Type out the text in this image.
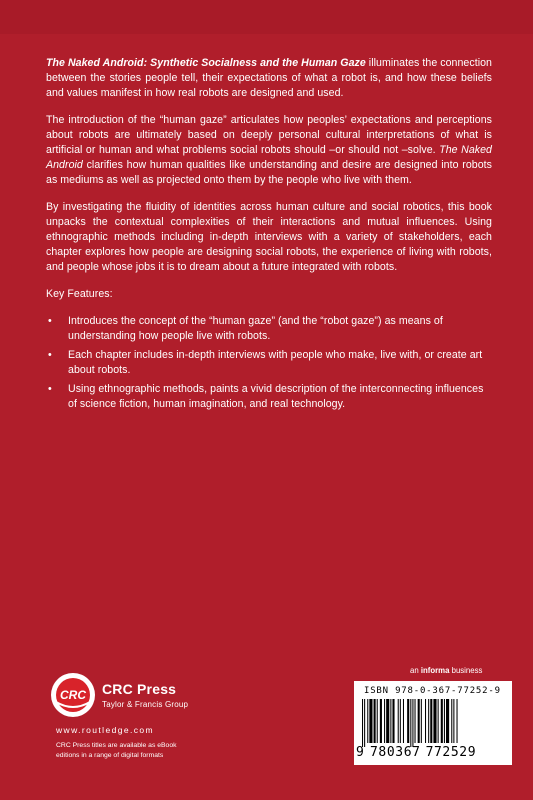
The Naked Android: Synthetic Socialness and the Human Gaze illuminates the connection between the stories people tell, their expectations of what a robot is, and how these beliefs and values manifest in how real robots are designed and used.

The introduction of the “human gaze” articulates how peoples’ expectations and perceptions about robots are ultimately based on deeply personal cultural interpretations of what is artificial or human and what problems social robots should –or should not –solve. The Naked Android clarifies how human qualities like understanding and desire are designed into robots as mediums as well as projected onto them by the people who live with them.

By investigating the fluidity of identities across human culture and social robotics, this book unpacks the contextual complexities of their interactions and mutual influences. Using ethnographic methods including in-depth interviews with a variety of stakeholders, each chapter explores how people are designing social robots, the experience of living with robots, and people whose jobs it is to dream about a future integrated with robots.

Key Features:

• Introduces the concept of the “human gaze” (and the “robot gaze”) as means of understanding how people live with robots.
• Each chapter includes in-depth interviews with people who make, live with, or create art about robots.
• Using ethnographic methods, paints a vivid description of the interconnecting influences of science fiction, human imagination, and real technology.
CRC CRC Press
Taylor & Francis Group
www.routledge.com
CRC Press titles are available as eBook editions in a range of digital formats
an informa business
ISBN 978-0-367-77252-9
9 780367 772529
